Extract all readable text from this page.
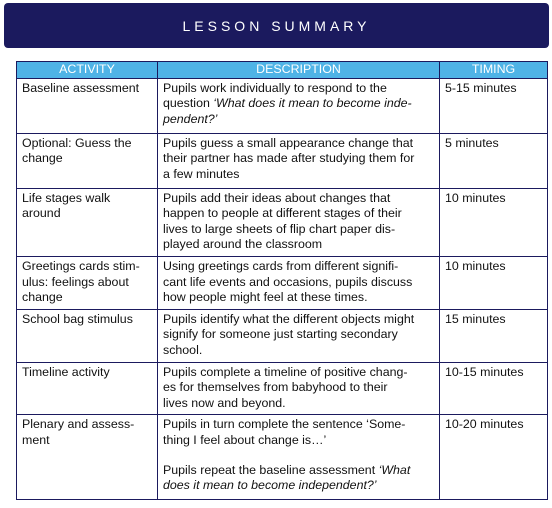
LESSON SUMMARY
ACTIVITY	DESCRIPTION	TIMING

Baseline assessment	Pupils work individually to respond to the
question ‘What does it mean to become inde-
pendent?’	5-15 minutes

Optional: Guess the
change	Pupils guess a small appearance change that
their partner has made after studying them for
a few minutes	5 minutes

Life stages walk
around	Pupils add their ideas about changes that
happen to people at different stages of their
lives to large sheets of flip chart paper dis-
played around the classroom	10 minutes

Greetings cards stim-
ulus: feelings about
change	Using greetings cards from different signifi-
cant life events and occasions, pupils discuss
how people might feel at these times.	10 minutes

School bag stimulus	Pupils identify what the different objects might
signify for someone just starting secondary
school.	15 minutes

Timeline activity	Pupils complete a timeline of positive chang-
es for themselves from babyhood to their
lives now and beyond.	10-15 minutes

Plenary and assess-
ment	Pupils in turn complete the sentence ‘Some-
thing I feel about change is…’
Pupils repeat the baseline assessment ‘What
does it mean to become independent?’	10-20 minutes
